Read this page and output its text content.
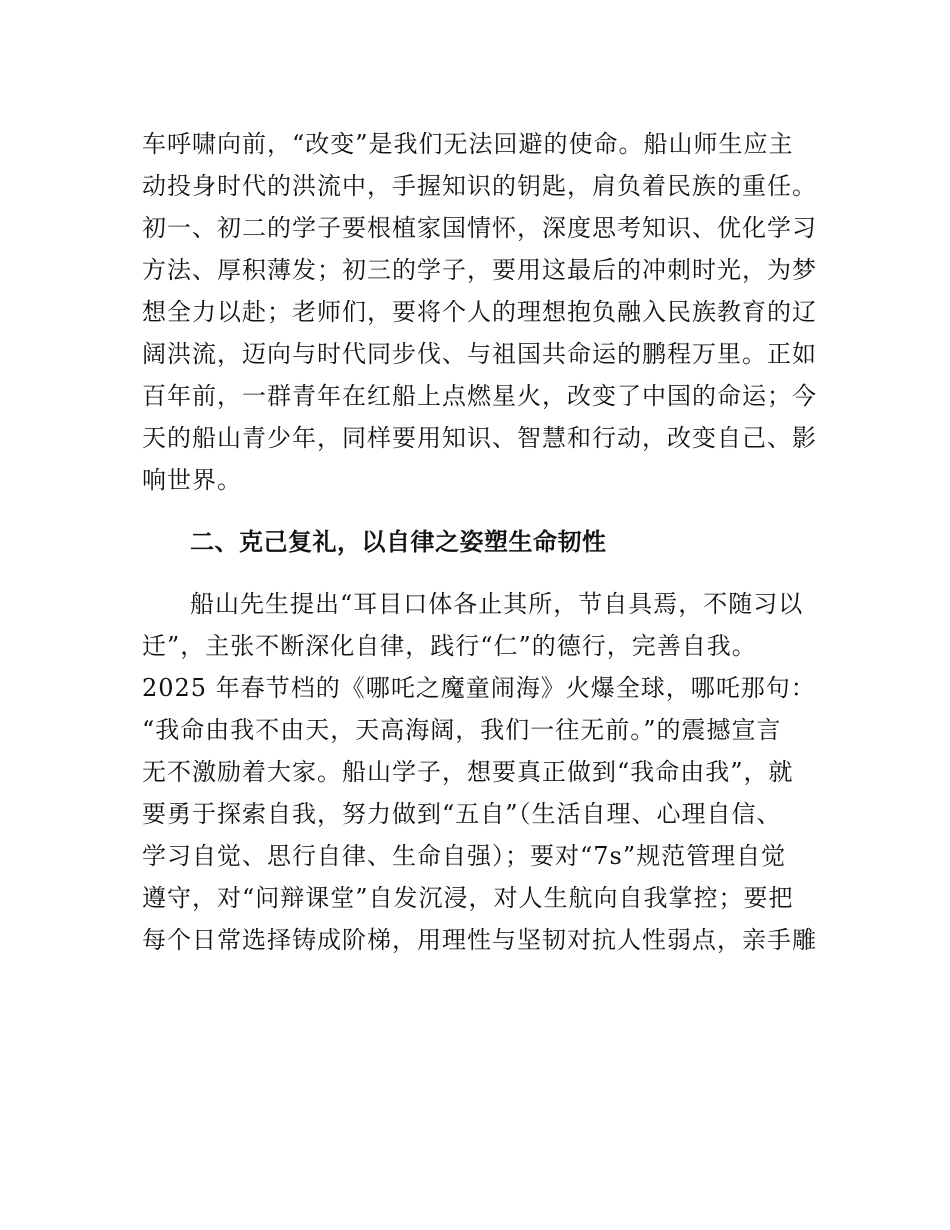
车呼啸向前，“改变”是我们无法回避的使命。船山师生应主
动投身时代的洪流中，手握知识的钥匙，肩负着民族的重任。
初一、初二的学子要根植家国情怀，深度思考知识、优化学习
方法、厚积薄发；初三的学子，要用这最后的冲刺时光，为梦
想全力以赴；老师们，要将个人的理想抱负融入民族教育的辽
阔洪流，迈向与时代同步伐、与祖国共命运的鹏程万里。正如
百年前，一群青年在红船上点燃星火，改变了中国的命运；今
天的船山青少年，同样要用知识、智慧和行动，改变自己、影
响世界。
二、克己复礼，以自律之姿塑生命韧性
船山先生提出“耳目口体各止其所，节自具焉，不随习以
迁”，主张不断深化自律，践行“仁”的德行，完善自我。
2025 年春节档的《哪吒之魔童闹海》火爆全球，哪吒那句：
“我命由我不由天，天高海阔，我们一往无前。”的震撼宣言
无不激励着大家。船山学子，想要真正做到“我命由我”，就
要勇于探索自我，努力做到“五自”（生活自理、心理自信、
学习自觉、思行自律、生命自强）；要对“7s”规范管理自觉
遵守，对“问辩课堂”自发沉浸，对人生航向自我掌控；要把
每个日常选择铸成阶梯，用理性与坚韧对抗人性弱点，亲手雕
